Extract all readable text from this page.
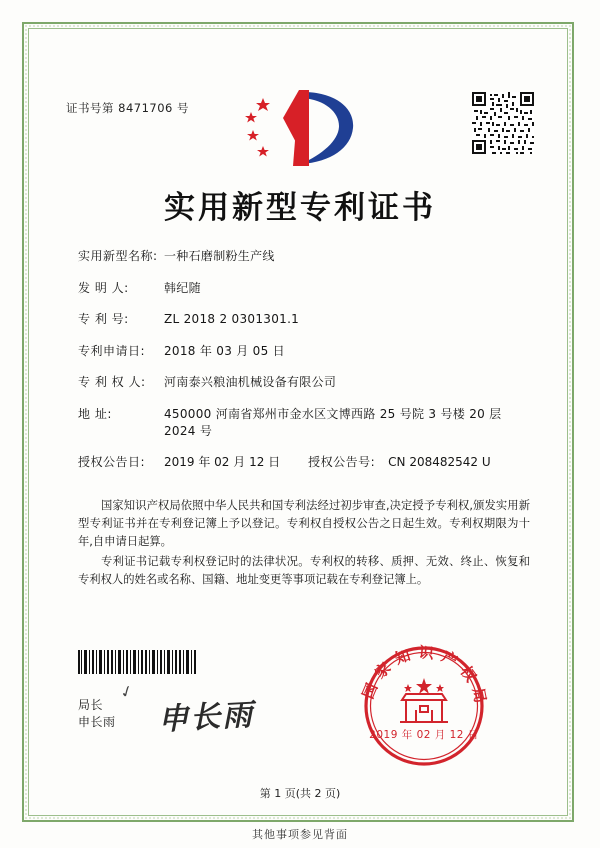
证书号第 8471706 号
实用新型专利证书
实用新型名称: 一种石磨制粉生产线
发 明 人:	韩纪随
专 利 号:	ZL 2018 2 0301301.1
专利申请日:	2018 年 03 月 05 日
专 利 权 人:	河南泰兴粮油机械设备有限公司
地 址:	450000 河南省郑州市金水区文博西路 25 号院 3 号楼 20 层 2024 号
授权公告日:	2019 年 02 月 12 日 授权公告号:	CN 208482542 U

国家知识产权局依照中华人民共和国专利法经过初步审查,决定授予专利权,颁发实用新型专利证书并在专利登记簿上予以登记。专利权自授权公告之日起生效。专利权期限为十年,自申请日起算。

专利证书记载专利权登记时的法律状况。专利权的转移、质押、无效、终止、恢复和专利权人的姓名或名称、国籍、地址变更等事项记载在专利登记簿上。

局长
申长雨
✓
申长雨
国家知识产权局
2019 年 02 月 12 日
第 1 页(共 2 页)
其他事项参见背面
